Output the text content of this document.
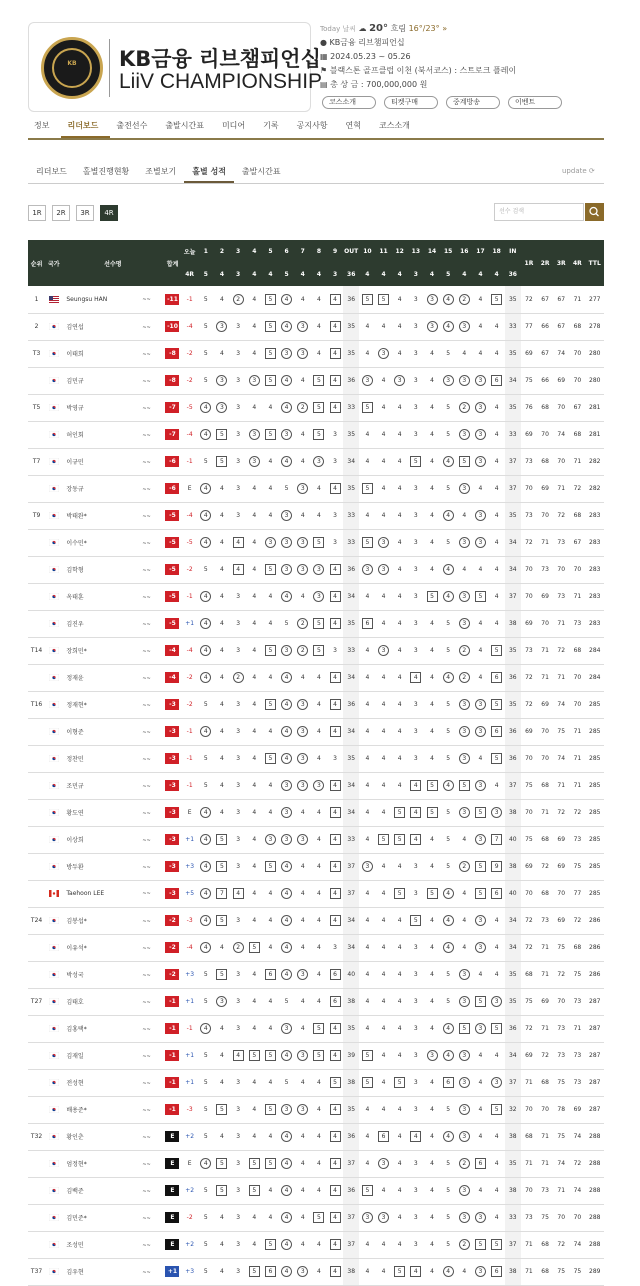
KB	KB금융 리브챔피언십
LiiV CHAMPIONSHIP
Today 날씨 ☁ 20° 흐림 16°/23° »
● KB금융 리브챔피언십
▦ 2024.05.23 ~ 05.26
⚑ 블랙스톤 골프클럽 이천 (북서코스) : 스트로크 플레이
▤ 총 상 금 : 700,000,000 원
코스소개	티켓구매	중계방송	이벤트
정보	리더보드	출전선수	출발시간표	미디어	기록	공지사항	연혁	코스소개
리더보드	홀별진행현황	조별보기	홀별 성적	출발시간표	update ⟳
1R	2R	3R	4R	선수 검색
순위	국가	선수명	합계	오늘	1	2	3	4	5	6	7	8	9	OUT	10	11	12	13	14	15	16	17	18	IN	1R	2R	3R	4R	TTL
				4R	5	4	3	4	4	5	4	4	3	36	4	4	4	3	4	5	4	4	4	36					
1		Seungsu HAN ~~	-11	-1	5	4	2	4	5	4	4	4	4	36	5	5	4	3	3	4	2	4	5	35	72	67	67	71	277
2		김연섭 ~~	-10	-4	5	3	3	4	5	4	3	4	4	35	4	4	4	3	3	4	3	4	4	33	77	66	67	68	278
T3		이태희 ~~	-8	-2	5	4	3	4	5	3	3	4	4	35	4	3	4	3	4	5	4	4	4	35	69	67	74	70	280
		김민규 ~~	-8	-2	5	3	3	3	5	4	4	5	4	36	3	4	3	3	4	3	3	3	6	34	75	66	69	70	280
T5		박영규 ~~	-7	-5	4	3	3	4	4	4	2	5	4	33	5	4	4	3	4	5	2	3	4	35	76	68	70	67	281
		허인회 ~~	-7	-4	4	5	3	3	5	3	4	5	3	35	4	4	4	3	4	5	3	3	4	33	69	70	74	68	281
T7		이규민 ~~	-6	-1	5	5	3	3	4	4	4	3	3	34	4	4	4	5	4	4	5	3	4	37	73	68	70	71	282
		장동규 ~~	-6	E	4	4	3	4	4	5	3	4	4	35	5	4	4	3	4	5	3	4	4	37	70	69	71	72	282
T9		박태완* ~~	-5	-4	4	4	3	4	4	3	4	4	3	33	4	4	4	3	4	4	4	3	4	35	73	70	72	68	283
		이수민* ~~	-5	-5	4	4	4	4	3	3	3	5	3	33	5	3	4	3	4	5	3	3	4	34	72	71	73	67	283
		김학형 ~~	-5	-2	5	4	4	4	5	3	3	3	4	36	3	3	4	3	4	4	4	4	4	34	70	73	70	70	283
		옥태훈 ~~	-5	-1	4	4	3	4	4	4	4	3	4	34	4	4	4	3	5	4	3	5	4	37	70	69	73	71	283
		김진우 ~~	-5	+1	4	4	3	4	4	5	2	5	4	35	6	4	4	3	4	5	3	4	4	38	69	70	71	73	283
T14		장희민* ~~	-4	-4	4	4	3	4	5	3	2	5	3	33	4	3	4	3	4	5	2	4	5	35	73	71	72	68	284
		정재윤 ~~	-4	-2	4	4	2	4	4	4	4	4	4	34	4	4	4	4	4	4	2	4	6	36	72	71	71	70	284
T16		정재현* ~~	-3	-2	5	4	3	4	5	4	3	4	4	36	4	4	4	3	4	5	3	3	5	35	72	69	74	70	285
		이형준 ~~	-3	-1	4	4	3	4	4	4	3	4	4	34	4	4	4	3	4	5	3	3	6	36	69	70	75	71	285
		정찬민 ~~	-3	-1	5	4	3	4	5	4	3	4	3	35	4	4	4	3	4	5	3	4	5	36	70	70	74	71	285
		조민규 ~~	-3	-1	5	4	3	4	4	3	3	3	4	34	4	4	4	4	5	4	5	3	4	37	75	68	71	71	285
		황도연 ~~	-3	E	4	4	3	4	4	3	4	4	4	34	4	4	5	4	5	5	3	5	3	38	70	71	72	72	285
		이상희 ~~	-3	+1	4	5	3	4	3	3	3	4	4	33	4	5	5	4	4	5	4	3	7	40	75	68	69	73	285
		방두환 ~~	-3	+3	4	5	3	4	5	4	4	4	4	37	3	4	4	3	4	5	2	5	9	38	69	72	69	75	285
		Taehoon LEE ~~	-3	+5	4	7	4	4	4	4	4	4	4	37	4	4	5	3	5	4	4	5	6	40	70	68	70	77	285
T24		김봉섭* ~~	-2	-3	4	5	3	4	4	4	4	4	4	34	4	4	4	5	4	4	4	3	4	34	72	73	69	72	286
		이유석* ~~	-2	-4	4	4	2	5	4	4	4	4	3	34	4	4	4	3	4	4	4	3	4	34	72	71	75	68	286
		박성국 ~~	-2	+3	5	5	3	4	6	4	3	4	6	40	4	4	4	3	4	5	3	4	4	35	68	71	72	75	286
T27		김태호 ~~	-1	+1	5	3	3	4	4	5	4	4	6	38	4	4	4	3	4	5	3	5	3	35	75	69	70	73	287
		김홍택* ~~	-1	-1	4	4	3	4	4	3	4	5	4	35	4	4	4	3	4	4	5	3	5	36	72	71	73	71	287
		김재일 ~~	-1	+1	5	4	4	5	5	4	3	5	4	39	5	4	4	3	3	4	3	4	4	34	69	72	73	73	287
		전성현 ~~	-1	+1	5	4	3	4	4	5	4	4	5	38	5	4	5	3	4	6	3	4	3	37	71	68	75	73	287
		배용준* ~~	-1	-3	5	5	3	4	5	3	3	4	4	35	4	4	4	3	4	5	3	4	5	32	70	70	78	69	287
T32		황인춘 ~~	E	+2	5	4	3	4	4	4	4	4	4	36	4	6	4	4	4	4	3	4	4	38	68	71	75	74	288
		엄정현* ~~	E	E	4	5	3	5	5	4	4	4	4	37	4	3	4	3	4	5	2	6	4	35	71	71	74	72	288
		김백준 ~~	E	+2	5	5	3	5	4	4	4	4	4	36	5	4	4	3	4	5	3	4	4	38	70	73	71	74	288
		김민준* ~~	E	-2	5	4	3	4	4	4	4	5	4	37	3	3	4	3	4	5	3	3	4	33	73	75	70	70	288
		조성민 ~~	E	+2	5	4	3	4	5	4	4	4	4	37	4	4	4	3	4	5	2	5	5	37	71	68	72	74	288
T37		김우현 ~~	+1	+3	5	4	3	5	6	4	3	4	4	38	4	4	5	4	4	4	4	3	6	38	71	68	75	75	289
